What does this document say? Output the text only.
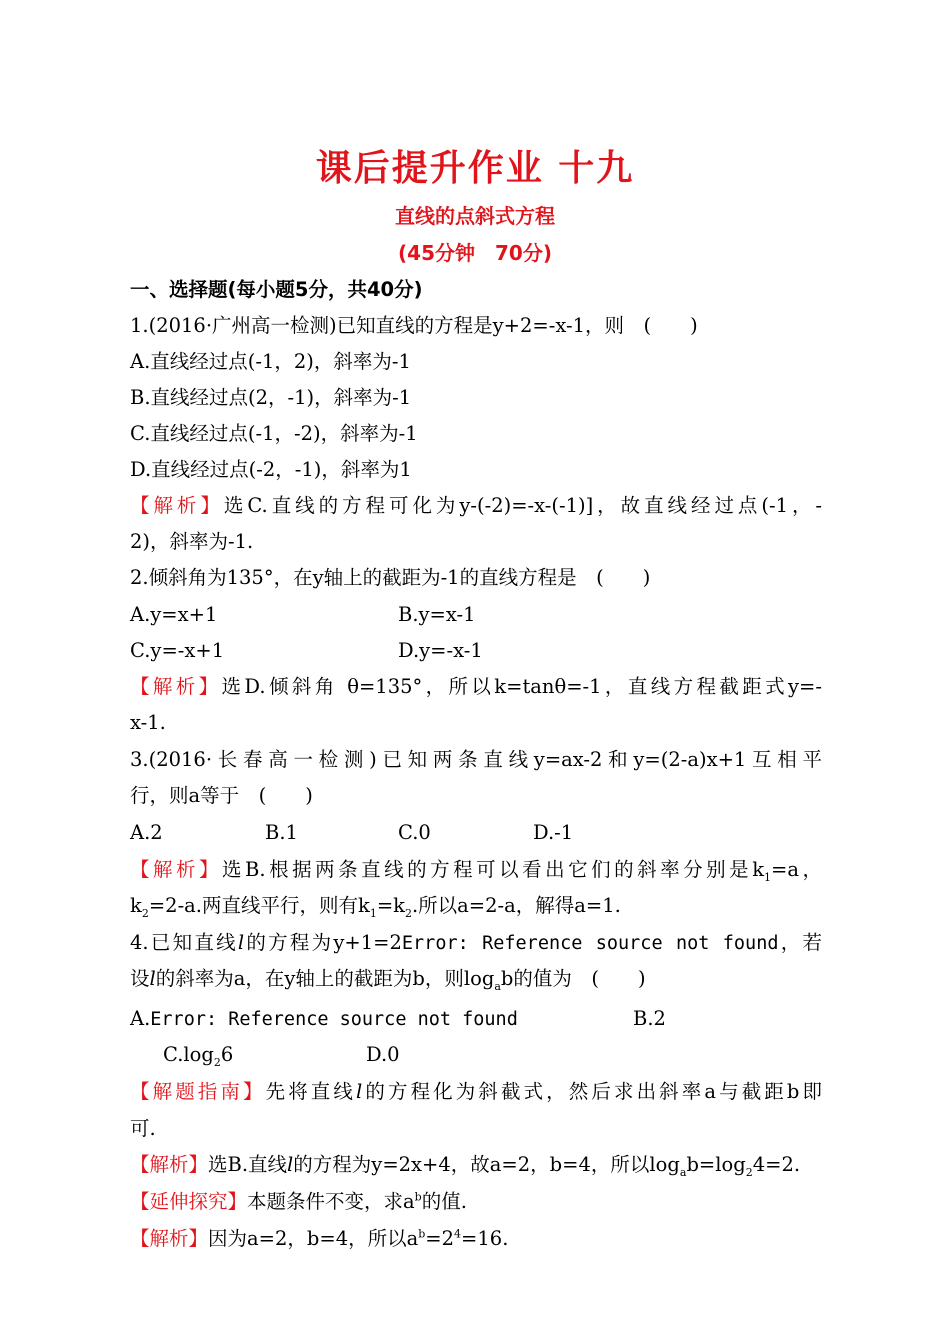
课后提升作业 十九
直线的点斜式方程
(45分钟　70分)
一、选择题(每小题5分，共40分)
1.(2016·广州高一检测)已知直线的方程是y+2=-x-1，则　(　　)
A.直线经过点(-1，2)，斜率为-1
B.直线经过点(2，-1)，斜率为-1
C.直线经过点(-1，-2)，斜率为-1
D.直线经过点(-2，-1)，斜率为1
【解析】选C.直线的方程可化为y-(-2)=-x-(-1)]，故直线经过点(-1，-
2)，斜率为-1.
2.倾斜角为135°，在y轴上的截距为-1的直线方程是　(　　)
A.y=x+1	B.y=x-1
C.y=-x+1	D.y=-x-1
【解析】选D.倾斜角 θ=135°，所以k=tanθ=-1，直线方程截距式y=-
x-1.
3.(2016·长春高一检测)已知两条直线y=ax-2和y=(2-a)x+1互相平
行，则a等于　(　　)
A.2	B.1	C.0	D.-1
【解析】选B.根据两条直线的方程可以看出它们的斜率分别是$k_1=a$，
$k_2=2-a$.两直线平行，则有$k_1=k_2$.所以a=2-a，解得a=1.
4.已知直线l的方程为y+1=2Error: Reference source not found，若
设l的斜率为a，在y轴上的截距为b，则$\log_ab$的值为　(　　)
A.Error: Reference source not found	B.2
$C.\log_26$	D.0
【解题指南】先将直线l的方程化为斜截式，然后求出斜率a与截距b即
可.
【解析】选B.直线l的方程为y=2x+4，故a=2，b=4，所以$\log_ab=\log_24=2$.
【延伸探究】本题条件不变，求$a^b$的值.
【解析】因为a=2，b=4，所以$a^b=2^4=16$.
